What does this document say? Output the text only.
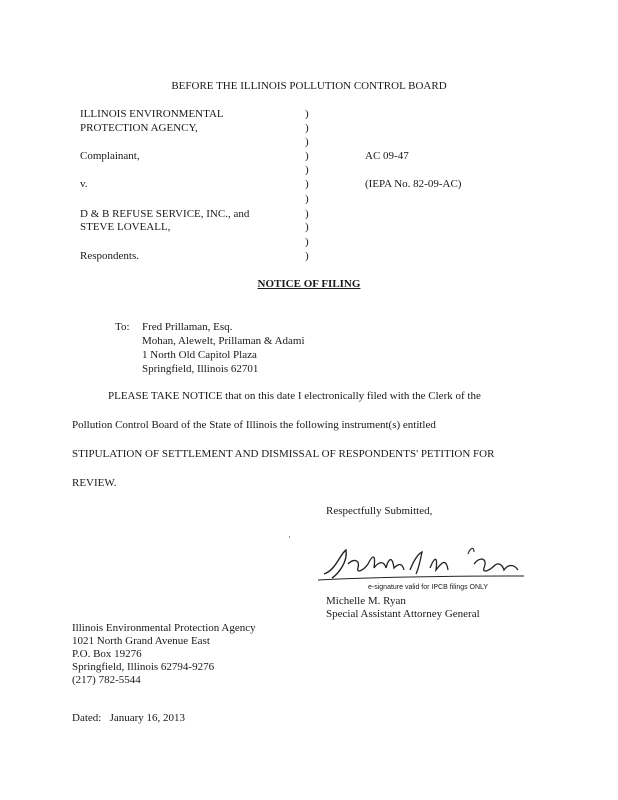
BEFORE THE ILLINOIS POLLUTION CONTROL BOARD
ILLINOIS ENVIRONMENTAL
PROTECTION AGENCY,
Complainant,
v.
D & B REFUSE SERVICE, INC., and
STEVE LOVEALL,
Respondents.
)
)
)
)
)
)
)
)
)
)
)
AC 09-47
(IEPA No. 82-09-AC)
NOTICE OF FILING
To: Fred Prillaman, Esq.
Mohan, Alewelt, Prillaman & Adami
1 North Old Capitol Plaza
Springfield, Illinois 62701
PLEASE TAKE NOTICE that on this date I electronically filed with the Clerk of the
Pollution Control Board of the State of Illinois the following instrument(s) entitled
STIPULATION OF SETTLEMENT AND DISMISSAL OF RESPONDENTS' PETITION FOR
REVIEW.
Respectfully Submitted,
·
e-signature valid for IPCB filings ONLY
Michelle M. Ryan
Special Assistant Attorney General
Illinois Environmental Protection Agency
1021 North Grand Avenue East
P.O. Box 19276
Springfield, Illinois 62794-9276
(217) 782-5544
Dated:   January 16, 2013
